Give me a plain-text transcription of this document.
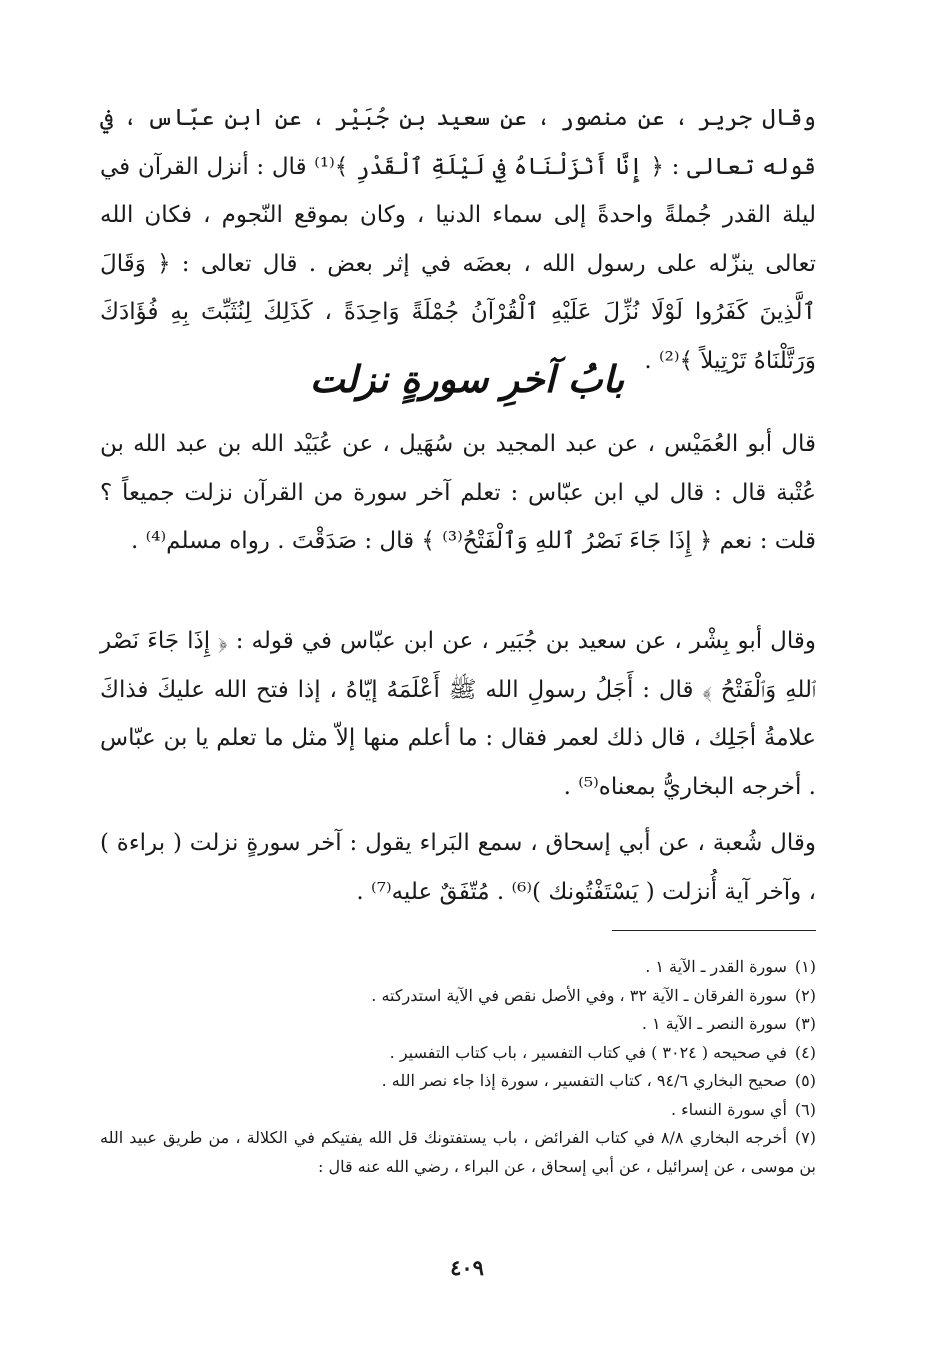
وقال جرير ، عن منصور ، عن سعيد بن جُبَيْر ، عن ابن عبّاس ، في قوله تعالى : ﴿ إِنَّا أَنْزَلْنَاهُ فِي لَيْلَةِ ٱلْقَدْرِ ﴾⁽¹⁾ قال : أنزل القرآن في ليلة القدر جُملةً واحدةً إلى سماء الدنيا ، وكان بموقع النّجوم ، فكان الله تعالى ينزّله على رسول الله ، بعضَه في إثر بعض . قال تعالى : ﴿ وَقَالَ ٱلَّذِينَ كَفَرُوا لَوْلَا نُزِّلَ عَلَيْهِ ٱلْقُرْآنُ جُمْلَةً وَاحِدَةً ، كَذَلِكَ لِنُثَبِّتَ بِهِ فُؤَادَكَ وَرَتَّلْنَاهُ تَرْتِيلاً ﴾⁽²⁾ .
بابُ آخرِ سورةٍ نزلت
قال أبو العُمَيْس ، عن عبد المجيد بن سُهَيل ، عن عُبَيْد الله بن عبد الله بن عُتْبة قال : قال لي ابن عبّاس : تعلم آخر سورة من القرآن نزلت جميعاً ؟ قلت : نعم ﴿ إِذَا جَاءَ نَصْرُ ٱللهِ وَٱلْفَتْحُ⁽³⁾ ﴾ قال : صَدَقْتَ . رواه مسلم⁽⁴⁾ .
وقال أبو بِشْر ، عن سعيد بن جُبَير ، عن ابن عبّاس في قوله : ﴿ إِذَا جَاءَ نَصْر ٱللهِ وَٱلْفَتْحُ ﴾ قال : أَجَلُ رسولِ الله ﷺ أَعْلَمَهُ إيّاهُ ، إذا فتح الله عليكَ فذاكَ علامةُ أجَلِك ، قال ذلك لعمر فقال : ما أعلم منها إلاّ مثل ما تعلم يا بن عبّاس . أخرجه البخاريُّ بمعناه⁽⁵⁾ .
وقال شُعبة ، عن أبي إسحاق ، سمع البَراء يقول : آخر سورةٍ نزلت ( براءة ) ، وآخر آية أُنزلت ( يَسْتَفْتُونك )⁽⁶⁾ . مُتّفَقٌ عليه⁽⁷⁾ .
(١)سورة القدر ـ الآية ١ .
(٢)سورة الفرقان ـ الآية ٣٢ ، وفي الأصل نقص في الآية استدركته .
(٣)سورة النصر ـ الآية ١ .
(٤)في صحيحه ( ٣٠٢٤ ) في كتاب التفسير ، باب كتاب التفسير .
(٥)صحيح البخاري ٩٤/٦ ، كتاب التفسير ، سورة إذا جاء نصر الله .
(٦)أي سورة النساء .
(٧)أخرجه البخاري ٨/٨ في كتاب الفرائض ، باب يستفتونك قل الله يفتيكم في الكلالة ، من طريق عبيد الله بن موسى ، عن إسرائيل ، عن أبي إسحاق ، عن البراء ، رضي الله عنه قال :
٤٠٩
